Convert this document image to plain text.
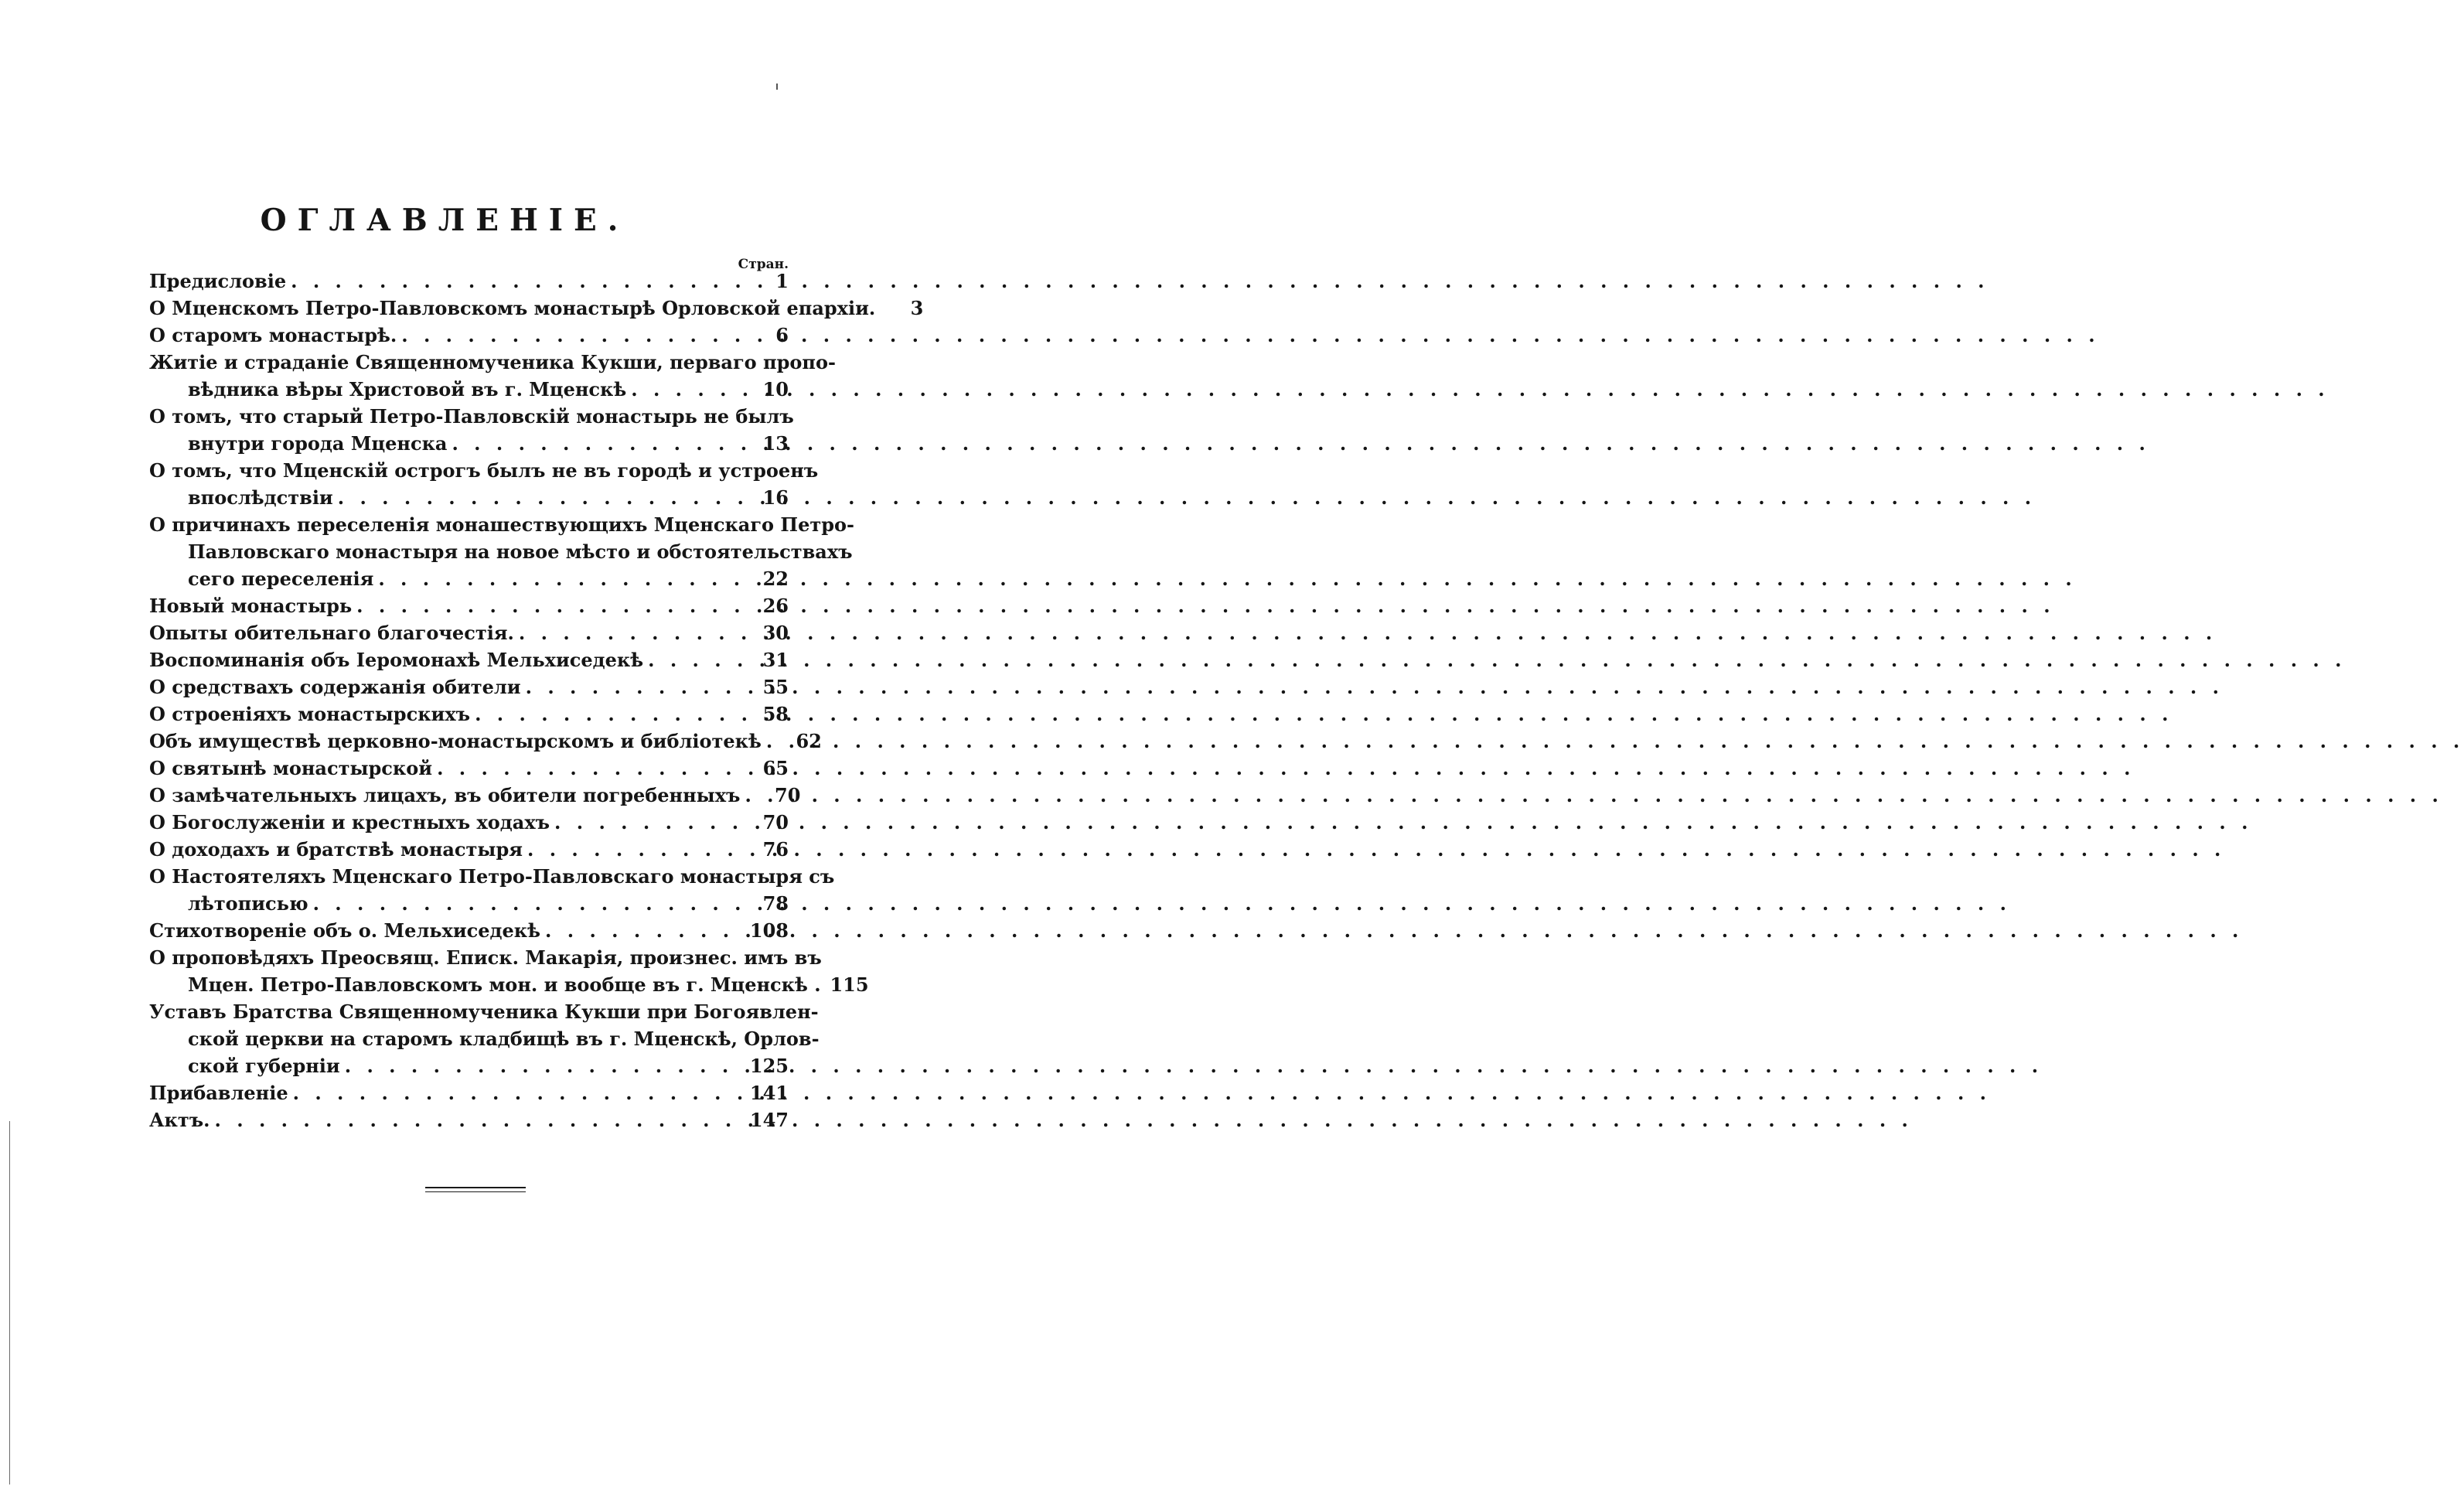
ОГЛАВЛЕНІЕ.
Стран.
Предисловіе . . .	1
О Мценскомъ Петро-Павловскомъ монастырѣ Орловской епархіи.	3
О старомъ монастырѣ. . . .	6
Житіе и страданіе Священномученика Кукши, перваго пропо-
вѣдника вѣры Христовой въ г. Мценскѣ . . .	10
О томъ, что старый Петро-Павловскій монастырь не былъ
внутри города Мценска . . .	13
О томъ, что Мценскій острогъ былъ не въ городѣ и устроенъ
впослѣдствіи . . .	16
О причинахъ переселенія монашествующихъ Мценскаго Петро-
Павловскаго монастыря на новое мѣсто и обстоятельствахъ
сего переселенія . . .	22
Новый монастырь . . .	26
Опыты обительнаго благочестія. . . .	30
Воспоминанія объ Іеромонахѣ Мельхиседекѣ . . .	31
О средствахъ содержанія обители . . .	55
О строеніяхъ монастырскихъ . . .	58
Объ имуществѣ церковно-монастырскомъ и библіотекѣ . . .	62
О святынѣ монастырской . . .	65
О замѣчательныхъ лицахъ, въ обители погребенныхъ . . .	70
О Богослуженіи и крестныхъ ходахъ . . .	70
О доходахъ и братствѣ монастыря . . .	76
О Настоятеляхъ Мценскаго Петро-Павловскаго монастыря съ
лѣтописью . . .	78
Стихотвореніе объ о. Мельхиседекѣ . . .	108
О проповѣдяхъ Преосвящ. Еписк. Макарія, произнес. имъ въ
Мцен. Петро-Павловскомъ мон. и вообще въ г. Мценскѣ . 115
Уставъ Братства Священномученика Кукши при Богоявлен-
ской церкви на старомъ кладбищѣ въ г. Мценскѣ, Орлов-
ской губерніи . . .	125
Прибавленіе . . .	141
Актъ. . . .	147
